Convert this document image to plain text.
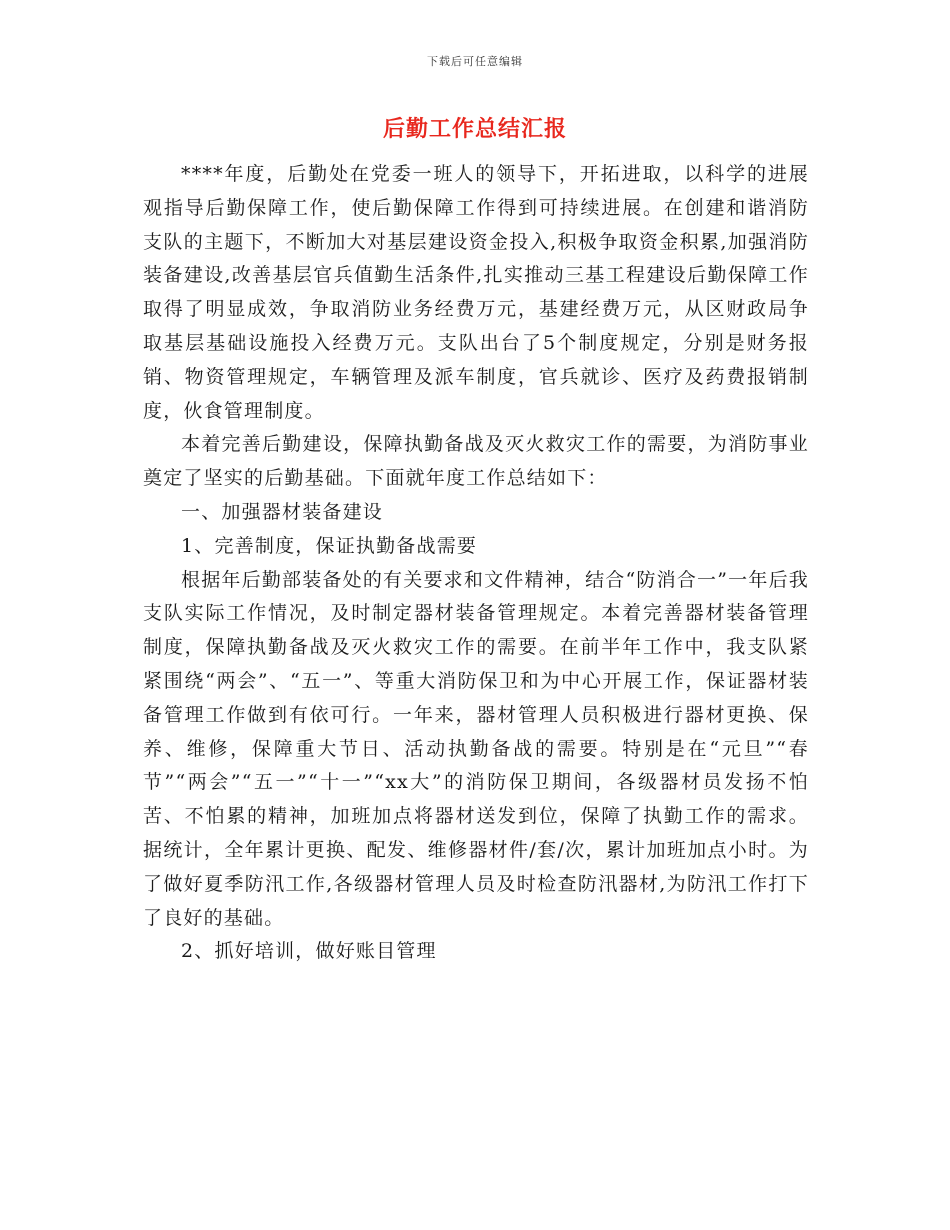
下载后可任意编辑
后勤工作总结汇报

****年度，后勤处在党委一班人的领导下，开拓进取，以科学的进展观指导后勤保障工作，使后勤保障工作得到可持续进展。在创建和谐消防支队的主题下，不断加大对基层建设资金投入,积极争取资金积累,加强消防装备建设,改善基层官兵值勤生活条件,扎实推动三基工程建设后勤保障工作取得了明显成效，争取消防业务经费万元，基建经费万元，从区财政局争取基层基础设施投入经费万元。支队出台了5个制度规定，分别是财务报销、物资管理规定，车辆管理及派车制度，官兵就诊、医疗及药费报销制度，伙食管理制度。

本着完善后勤建设，保障执勤备战及灭火救灾工作的需要，为消防事业奠定了坚实的后勤基础。下面就年度工作总结如下：

一、加强器材装备建设

1、完善制度，保证执勤备战需要

根据年后勤部装备处的有关要求和文件精神，结合“防消合一”一年后我支队实际工作情况，及时制定器材装备管理规定。本着完善器材装备管理制度，保障执勤备战及灭火救灾工作的需要。在前半年工作中，我支队紧紧围绕“两会”、“五一”、等重大消防保卫和为中心开展工作，保证器材装备管理工作做到有依可行。一年来，器材管理人员积极进行器材更换、保养、维修，保障重大节日、活动执勤备战的需要。特别是在“元旦”“春节”“两会”“五一”“十一”“xx大”的消防保卫期间，各级器材员发扬不怕苦、不怕累的精神，加班加点将器材送发到位，保障了执勤工作的需求。据统计，全年累计更换、配发、维修器材件/套/次，累计加班加点小时。为了做好夏季防汛工作,各级器材管理人员及时检查防汛器材,为防汛工作打下了良好的基础。

2、抓好培训，做好账目管理
